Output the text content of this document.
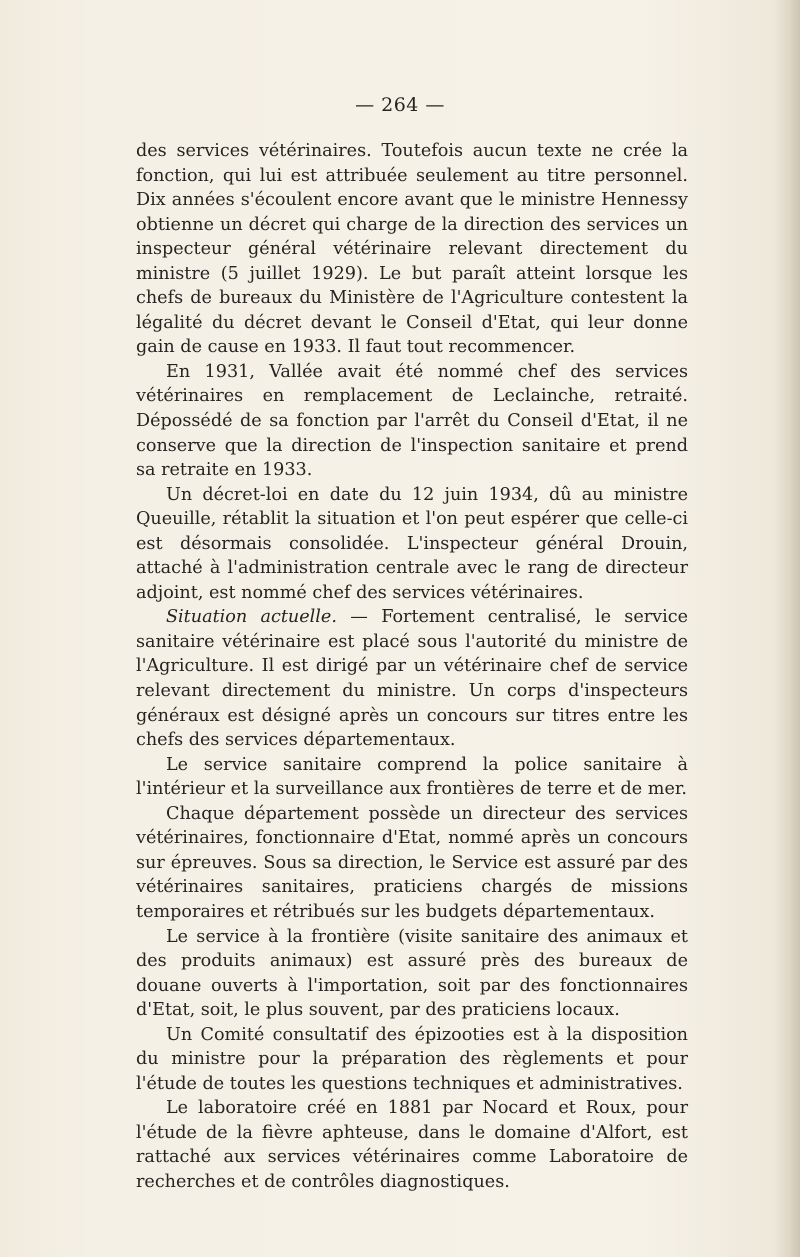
— 264 —

des services vétérinaires. Toutefois aucun texte ne crée la fonction, qui lui est attribuée seulement au titre personnel. Dix années s'écoulent encore avant que le ministre Hennessy obtienne un décret qui charge de la direction des services un inspecteur général vétérinaire relevant directement du ministre (5 juillet 1929). Le but paraît atteint lorsque les chefs de bureaux du Ministère de l'Agriculture contestent la légalité du décret devant le Conseil d'Etat, qui leur donne gain de cause en 1933. Il faut tout recommencer.

En 1931, Vallée avait été nommé chef des services vétérinaires en remplacement de Leclainche, retraité. Dépossédé de sa fonction par l'arrêt du Conseil d'Etat, il ne conserve que la direction de l'inspection sanitaire et prend sa retraite en 1933.

Un décret-loi en date du 12 juin 1934, dû au ministre Queuille, rétablit la situation et l'on peut espérer que celle-ci est désormais consolidée. L'inspecteur général Drouin, attaché à l'administration centrale avec le rang de directeur adjoint, est nommé chef des services vétérinaires.

Situation actuelle. — Fortement centralisé, le service sanitaire vétérinaire est placé sous l'autorité du ministre de l'Agriculture. Il est dirigé par un vétérinaire chef de service relevant directement du ministre. Un corps d'inspecteurs généraux est désigné après un concours sur titres entre les chefs des services départementaux.

Le service sanitaire comprend la police sanitaire à l'intérieur et la surveillance aux frontières de terre et de mer.

Chaque département possède un directeur des services vétérinaires, fonctionnaire d'Etat, nommé après un concours sur épreuves. Sous sa direction, le Service est assuré par des vétérinaires sanitaires, praticiens chargés de missions temporaires et rétribués sur les budgets départementaux.

Le service à la frontière (visite sanitaire des animaux et des produits animaux) est assuré près des bureaux de douane ouverts à l'importation, soit par des fonctionnaires d'Etat, soit, le plus souvent, par des praticiens locaux.

Un Comité consultatif des épizooties est à la disposition du ministre pour la préparation des règlements et pour l'étude de toutes les questions techniques et administratives.

Le laboratoire créé en 1881 par Nocard et Roux, pour l'étude de la fièvre aphteuse, dans le domaine d'Alfort, est rattaché aux services vétérinaires comme Laboratoire de recherches et de contrôles diagnostiques.
